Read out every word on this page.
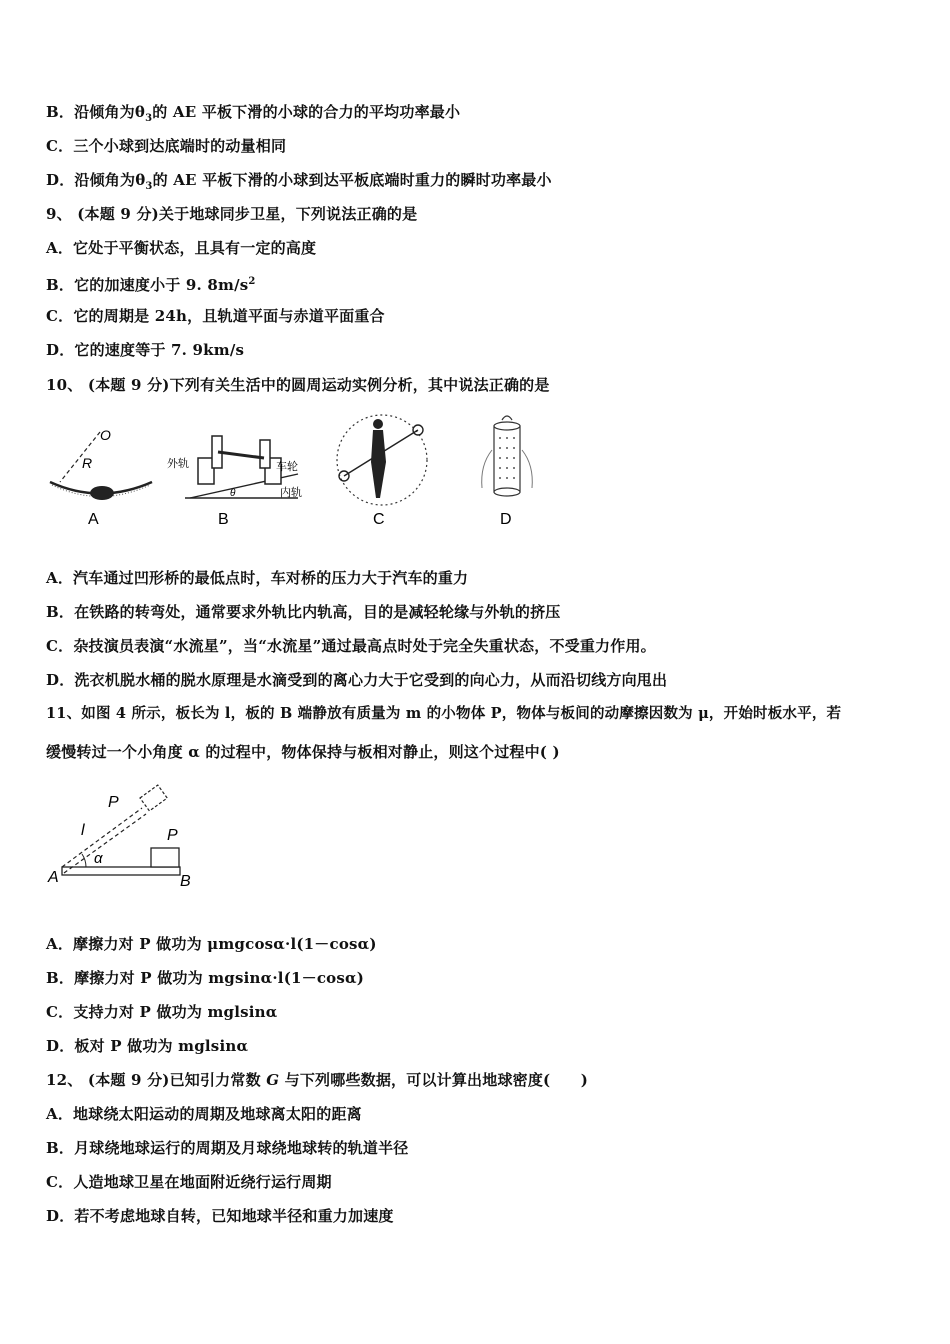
B．沿倾角为$\theta_3$的 AE 平板下滑的小球的合力的平均功率最小
C．三个小球到达底端时的动量相同
D．沿倾角为$\theta_3$的 AE 平板下滑的小球到达平板底端时重力的瞬时功率最小
9、 (本题 9 分)关于地球同步卫星，下列说法正确的是
A．它处于平衡状态，且具有一定的高度
B．它的加速度小于 9. $8m/s^2$
C．它的周期是 24h，且轨道平面与赤道平面重合
D．它的速度等于 7. 9km/s
10、 (本题 9 分)下列有关生活中的圆周运动实例分析，其中说法正确的是
O
R
A
外轨	车轮
内轨
θ
B	C	D
A．汽车通过凹形桥的最低点时，车对桥的压力大于汽车的重力
B．在铁路的转弯处，通常要求外轨比内轨高，目的是减轻轮缘与外轨的挤压
C．杂技演员表演“水流星”，当“水流星”通过最高点时处于完全失重状态，不受重力作用。
D．洗衣机脱水桶的脱水原理是水滴受到的离心力大于它受到的向心力，从而沿切线方向甩出
11、如图 4 所示，板长为 l，板的 B 端静放有质量为 m 的小物体 P，物体与板间的动摩擦因数为 μ，开始时板水平，若
缓慢转过一个小角度 α 的过程中，物体保持与板相对静止，则这个过程中( )
P
l	P
α
A	B
A．摩擦力对 P 做功为 μmgcosα·l(1－cosα)
B．摩擦力对 P 做功为 mgsinα·l(1－cosα)
C．支持力对 P 做功为 mglsinα
D．板对 P 做功为 mglsinα
12、 (本题 9 分)已知引力常数 G 与下列哪些数据，可以计算出地球密度(　　)
A．地球绕太阳运动的周期及地球离太阳的距离
B．月球绕地球运行的周期及月球绕地球转的轨道半径
C．人造地球卫星在地面附近绕行运行周期
D．若不考虑地球自转，已知地球半径和重力加速度
